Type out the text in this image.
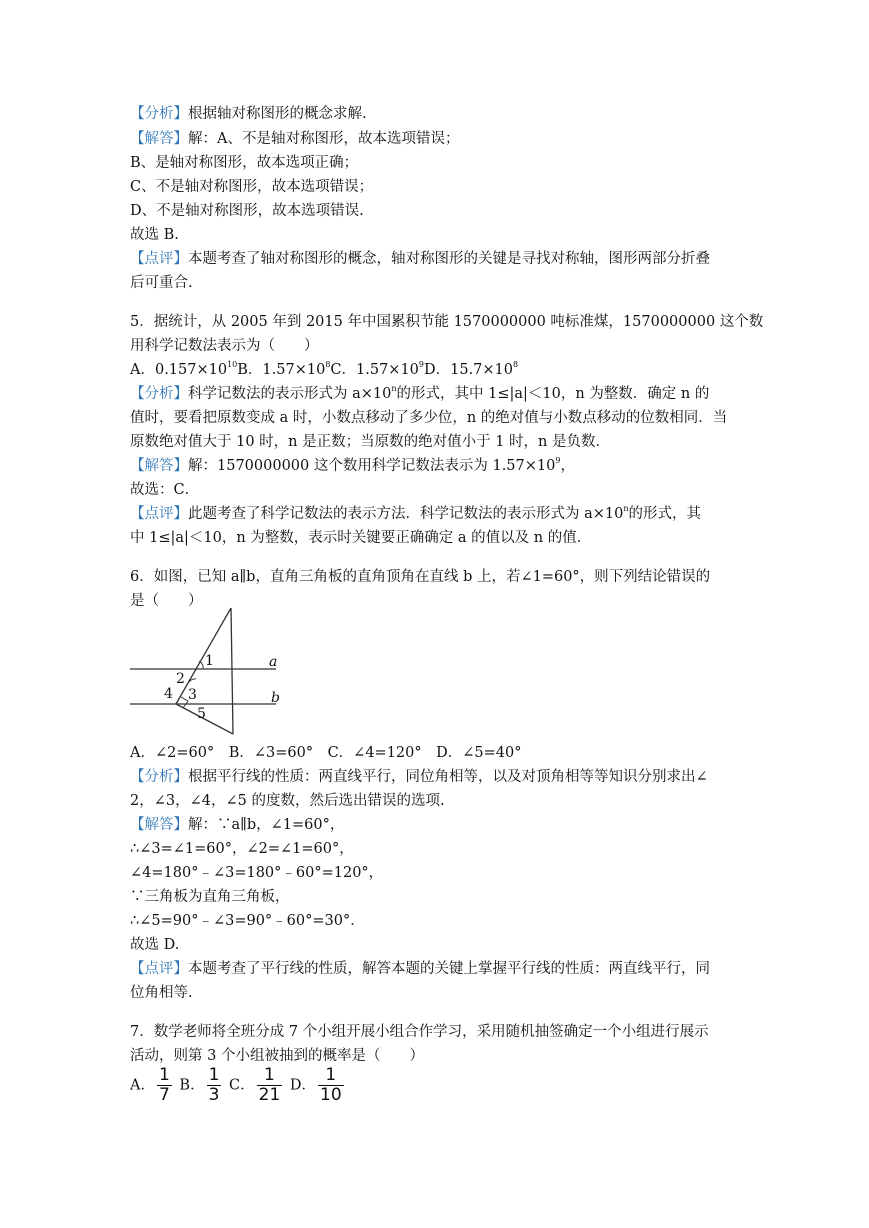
【分析】根据轴对称图形的概念求解.
【解答】解：A、不是轴对称图形，故本选项错误；
B、是轴对称图形，故本选项正确；
C、不是轴对称图形，故本选项错误；
D、不是轴对称图形，故本选项错误.
故选 B.
【点评】本题考查了轴对称图形的概念，轴对称图形的关键是寻找对称轴，图形两部分折叠
后可重合.
5．据统计，从 2005 年到 2015 年中国累积节能 1570000000 吨标准煤，1570000000 这个数
用科学记数法表示为（　　）
A．$0.157\times 10^{10}B$．$1.57\times 10^8C$．$1.57\times 10^9D$．$15.7\times 10^8$
【分析】科学记数法的表示形式为 $a\times 10^n$的形式，其中 1≤|a|＜10，n 为整数．确定 n 的
值时，要看把原数变成 a 时，小数点移动了多少位，n 的绝对值与小数点移动的位数相同．当
原数绝对值大于 10 时，n 是正数；当原数的绝对值小于 1 时，n 是负数．
【解答】解：1570000000 这个数用科学记数法表示为 $1.57\times 10^9$，
故选：C．
【点评】此题考查了科学记数法的表示方法．科学记数法的表示形式为 $a\times 10^n$的形式，其
中 1≤|a|＜10，n 为整数，表示时关键要正确确定 a 的值以及 n 的值．
6．如图，已知 a∥b，直角三角板的直角顶角在直线 b 上，若∠1=60°，则下列结论错误的
是（　　）
1
2
3
4
5
a
b
A．∠2=60°　B．∠3=60°　C．∠4=120°　D．∠5=40°
【分析】根据平行线的性质：两直线平行，同位角相等，以及对顶角相等等知识分别求出∠
2，∠3，∠4，∠5 的度数，然后选出错误的选项.
【解答】解：∵a∥b，∠1=60°，
∴∠3=∠1=60°，∠2=∠1=60°，
∠4=180°﹣∠3=180°﹣60°=120°，
∵三角板为直角三角板，
∴∠5=90°﹣∠3=90°﹣60°=30°．
故选 D.
【点评】本题考查了平行线的性质，解答本题的关键上掌握平行线的性质：两直线平行，同
位角相等.
7．数学老师将全班分成 7 个小组开展小组合作学习，采用随机抽签确定一个小组进行展示
活动，则第 3 个小组被抽到的概率是（　　）
A． $\frac{1}{7}$ B． $\frac{1}{3}$ C． $\frac{1}{21}$ D． $\frac{1}{10}$
